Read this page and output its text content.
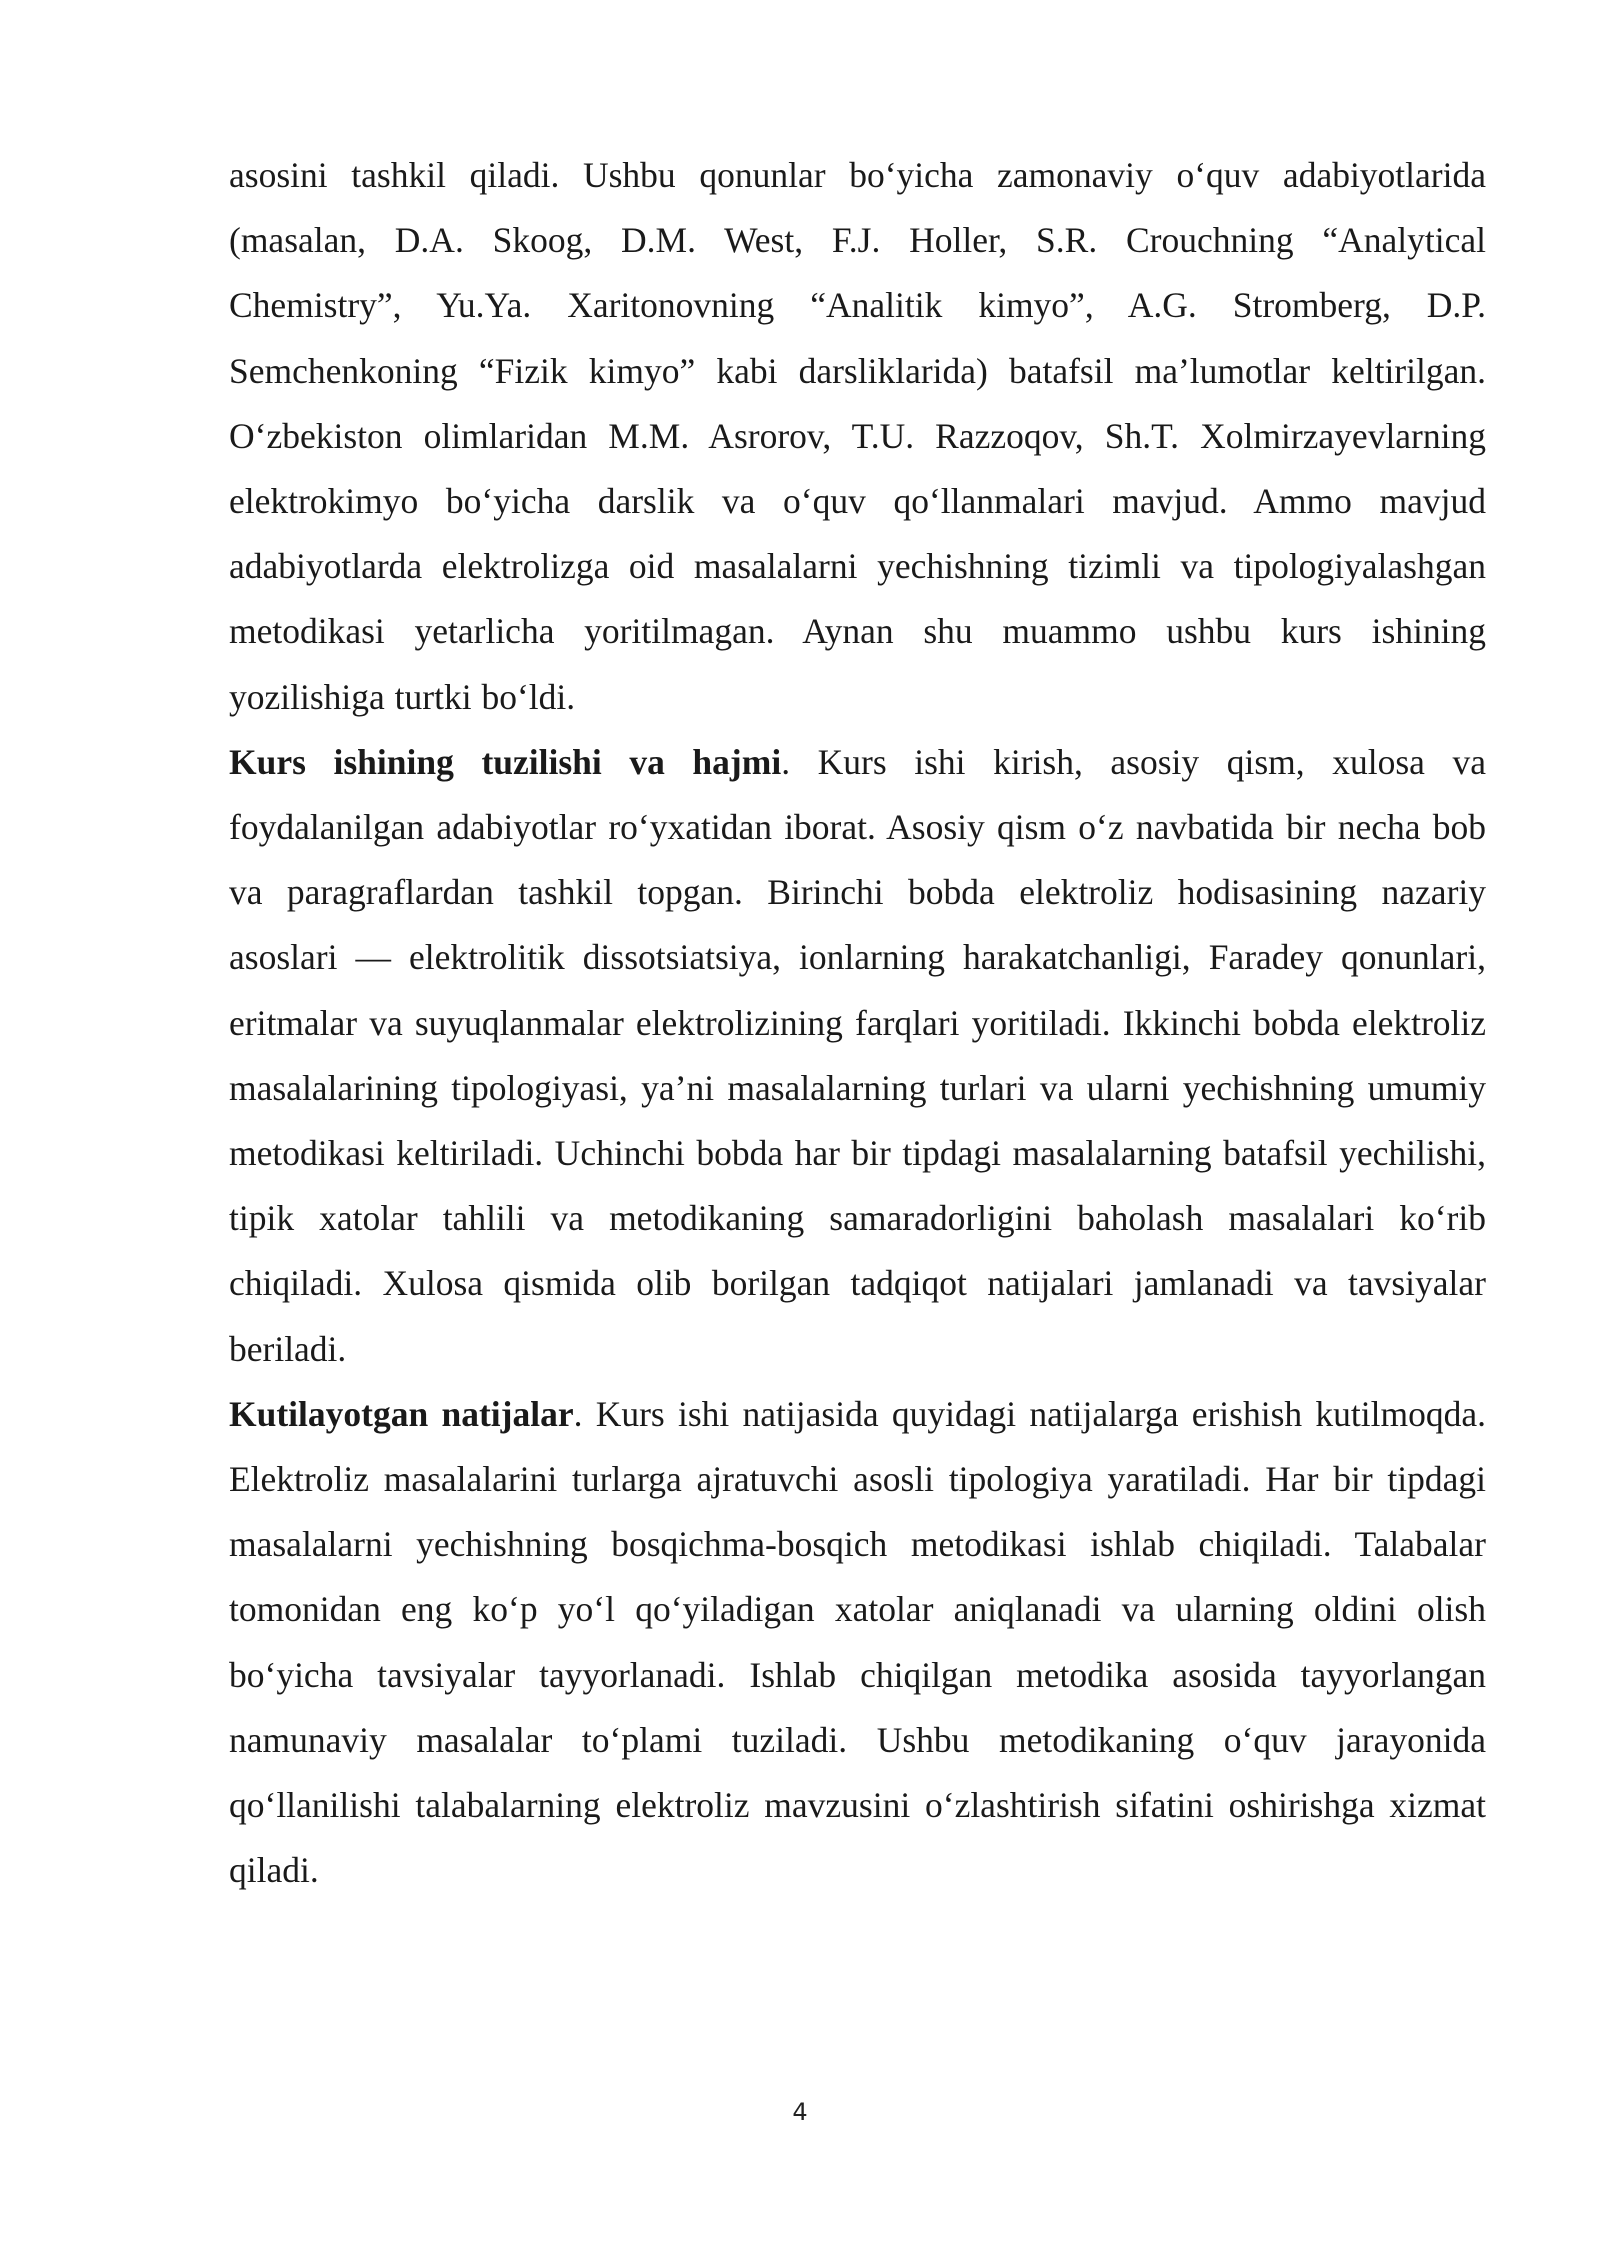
asosini tashkil qiladi. Ushbu qonunlar bo‘yicha zamonaviy o‘quv adabiyotlarida (masalan, D.A. Skoog, D.M. West, F.J. Holler, S.R. Crouchning “Analytical Chemistry”, Yu.Ya. Xaritonovning “Analitik kimyo”, A.G. Stromberg, D.P. Semchenkoning “Fizik kimyo” kabi darsliklarida) batafsil ma’lumotlar keltirilgan. O‘zbekiston olimlaridan M.M. Asrorov, T.U. Razzoqov, Sh.T. Xolmirzayevlarning elektrokimyo bo‘yicha darslik va o‘quv qo‘llanmalari mavjud. Ammo mavjud adabiyotlarda elektrolizga oid masalalarni yechishning tizimli va tipologiyalashgan metodikasi yetarlicha yoritilmagan. Aynan shu muammo ushbu kurs ishining yozilishiga turtki bo‘ldi.

Kurs ishining tuzilishi va hajmi. Kurs ishi kirish, asosiy qism, xulosa va foydalanilgan adabiyotlar ro‘yxatidan iborat. Asosiy qism o‘z navbatida bir necha bob va paragraflardan tashkil topgan. Birinchi bobda elektroliz hodisasining nazariy asoslari — elektrolitik dissotsiatsiya, ionlarning harakatchanligi, Faradey qonunlari, eritmalar va suyuqlanmalar elektrolizining farqlari yoritiladi. Ikkinchi bobda elektroliz masalalarining tipologiyasi, ya’ni masalalarning turlari va ularni yechishning umumiy metodikasi keltiriladi. Uchinchi bobda har bir tipdagi masalalarning batafsil yechilishi, tipik xatolar tahlili va metodikaning samaradorligini baholash masalalari ko‘rib chiqiladi. Xulosa qismida olib borilgan tadqiqot natijalari jamlanadi va tavsiyalar beriladi.

Kutilayotgan natijalar. Kurs ishi natijasida quyidagi natijalarga erishish kutilmoqda. Elektroliz masalalarini turlarga ajratuvchi asosli tipologiya yaratiladi. Har bir tipdagi masalalarni yechishning bosqichma-bosqich metodikasi ishlab chiqiladi. Talabalar tomonidan eng ko‘p yo‘l qo‘yiladigan xatolar aniqlanadi va ularning oldini olish bo‘yicha tavsiyalar tayyorlanadi. Ishlab chiqilgan metodika asosida tayyorlangan namunaviy masalalar to‘plami tuziladi. Ushbu metodikaning o‘quv jarayonida qo‘llanilishi talabalarning elektroliz mavzusini o‘zlashtirish sifatini oshirishga xizmat qiladi.

4
